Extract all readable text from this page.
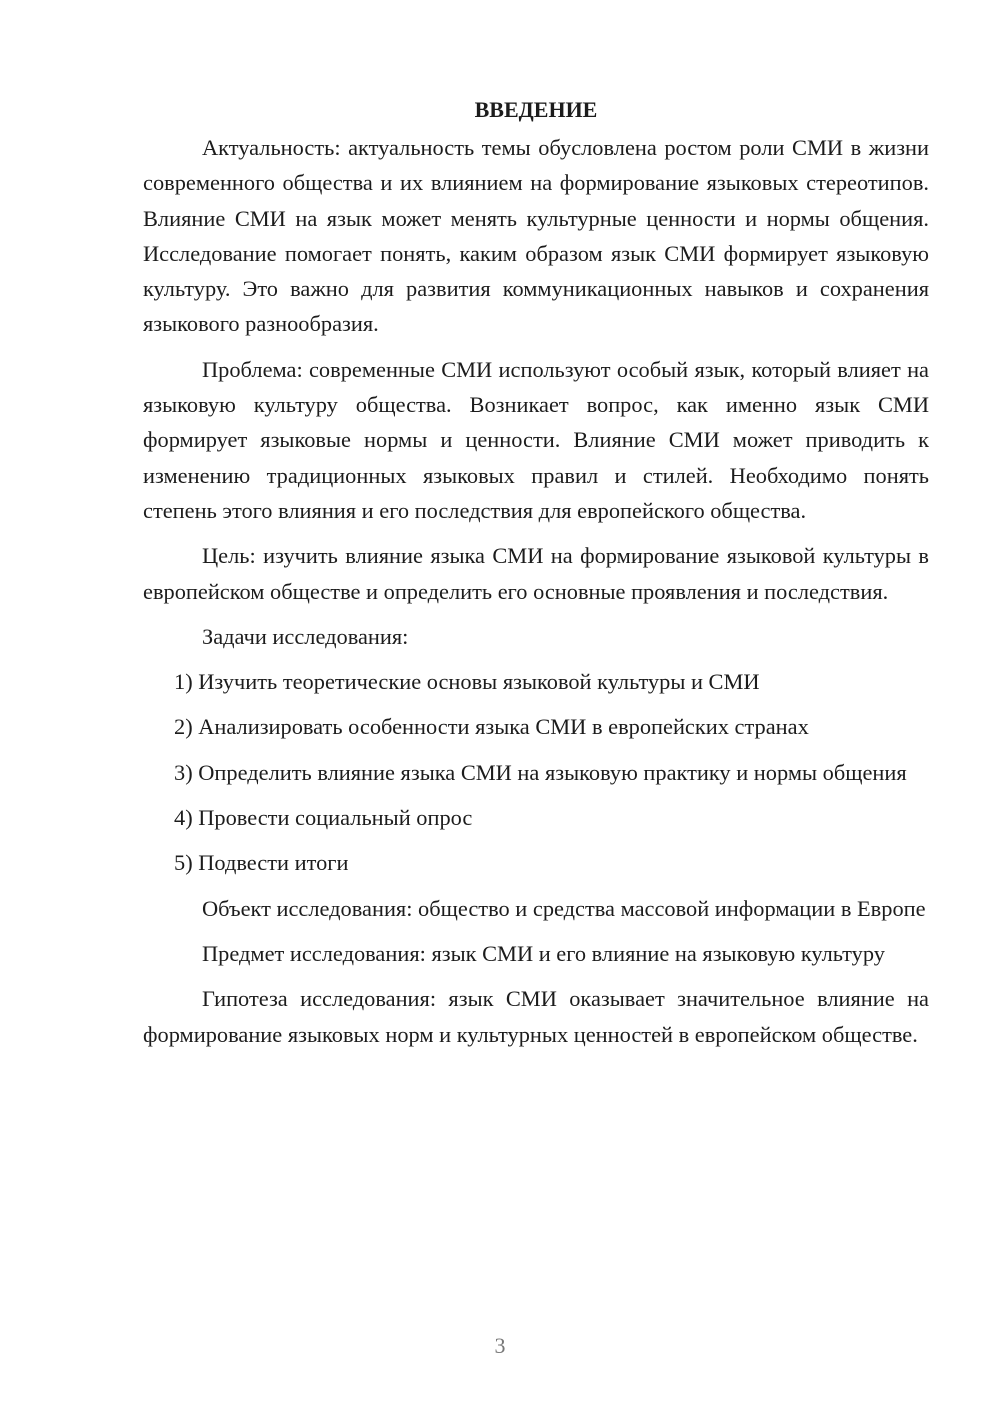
ВВЕДЕНИЕ

Актуальность: актуальность темы обусловлена ростом роли СМИ в жизни современного общества и их влиянием на формирование языковых стереотипов. Влияние СМИ на язык может менять культурные ценности и нормы общения. Исследование помогает понять, каким образом язык СМИ формирует языковую культуру. Это важно для развития коммуникационных навыков и сохранения языкового разнообразия.

Проблема: современные СМИ используют особый язык, который влияет на языковую культуру общества. Возникает вопрос, как именно язык СМИ формирует языковые нормы и ценности. Влияние СМИ может приводить к изменению традиционных языковых правил и стилей. Необходимо понять степень этого влияния и его последствия для европейского общества.

Цель: изучить влияние языка СМИ на формирование языковой культуры в европейском обществе и определить его основные проявления и последствия.

Задачи исследования:

1) Изучить теоретические основы языковой культуры и СМИ

2) Анализировать особенности языка СМИ в европейских странах

3) Определить влияние языка СМИ на языковую практику и нормы общения

4) Провести социальный опрос

5) Подвести итоги

Объект исследования: общество и средства массовой информации в Европе

Предмет исследования: язык СМИ и его влияние на языковую культуру

Гипотеза исследования: язык СМИ оказывает значительное влияние на формирование языковых норм и культурных ценностей в европейском обществе.

3
